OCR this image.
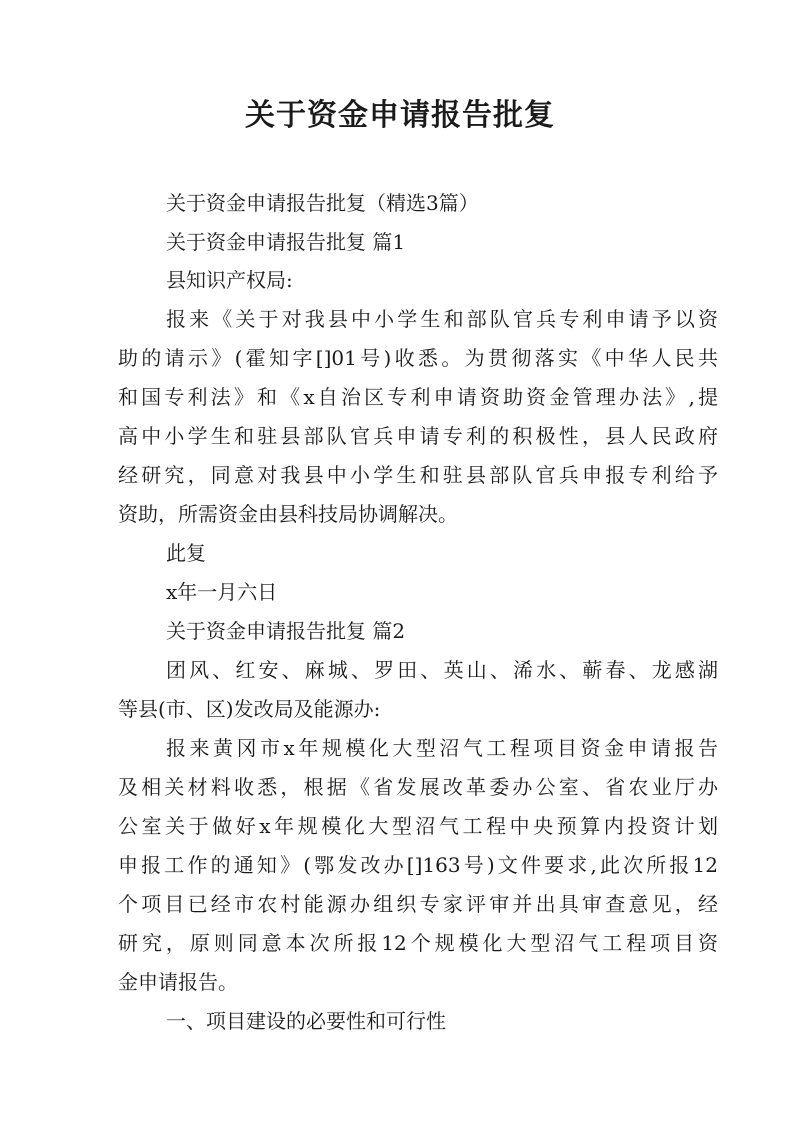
关于资金申请报告批复
关于资金申请报告批复（精选3篇）
关于资金申请报告批复 篇1
县知识产权局:
报来《关于对我县中小学生和部队官兵专利申请予以资
助的请示》(霍知字[]01号)收悉。为贯彻落实《中华人民共
和国专利法》和《x自治区专利申请资助资金管理办法》,提
高中小学生和驻县部队官兵申请专利的积极性，县人民政府
经研究，同意对我县中小学生和驻县部队官兵申报专利给予
资助，所需资金由县科技局协调解决。
此复
x年一月六日
关于资金申请报告批复 篇2
团风、红安、麻城、罗田、英山、浠水、蕲春、龙感湖
等县(市、区)发改局及能源办:
报来黄冈市x年规模化大型沼气工程项目资金申请报告
及相关材料收悉，根据《省发展改革委办公室、省农业厅办
公室关于做好x年规模化大型沼气工程中央预算内投资计划
申报工作的通知》(鄂发改办[]163号)文件要求,此次所报12
个项目已经市农村能源办组织专家评审并出具审查意见，经
研究，原则同意本次所报12个规模化大型沼气工程项目资
金申请报告。
一、项目建设的必要性和可行性
